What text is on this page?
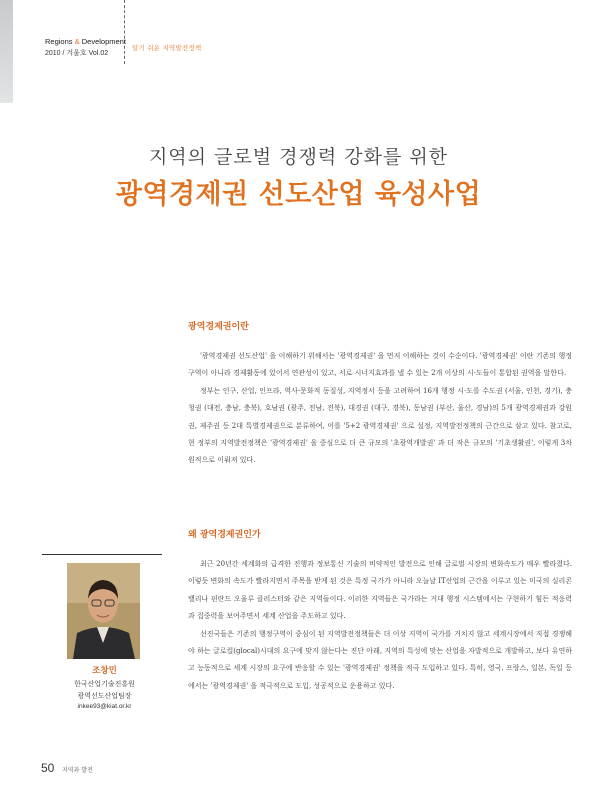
Regions & Development
2010 / 겨울호 Vol.02
알기 쉬운 지역발전정책
지역의 글로벌 경쟁력 강화를 위한
광역경제권 선도산업 육성사업
광역경제권이란

'광역경제권 선도산업' 을 이해하기 위해서는 '광역경제권' 을 먼저 이해하는 것이 수순이다. '광역경제권' 이란 기존의 행정구역이 아니라 경제활동에 있어서 연관성이 있고, 서로 시너지효과를 낼 수 있는 2개 이상의 시·도들이 통합된 권역을 말한다.

정부는 인구, 산업, 인프라, 역사·문화적 동질성, 지역정서 등을 고려하여 16개 행정 시·도를 수도권 (서울, 인천, 경기), 충청권 (대전, 충남, 충북), 호남권 (광주, 전남, 전북), 대경권 (대구, 경북), 동남권 (부산, 울산, 경남)의 5개 광역경제권과 강원권, 제주권 등 2대 특별경제권으로 분류하여, 이를 '5+2 광역경제권' 으로 설정, 지역발전정책의 근간으로 삼고 있다. 참고로, 현 정부의 지역발전정책은 '광역경제권' 을 중심으로 더 큰 규모의 '초광역개발권' 과 더 작은 규모의 '기초생활권', 이렇게 3차원적으로 이뤄져 있다.

왜 광역경제권인가

최근 20년간 세계화의 급격한 진행과 정보통신 기술의 비약적인 발전으로 인해 글로벌 시장의 변화속도가 매우 빨라졌다. 이렇듯 변화의 속도가 빨라지면서 주목을 받게 된 것은 특정 국가가 아니라 오늘날 IT산업의 근간을 이루고 있는 미국의 실리콘 밸리나 핀란드 오울루 클러스터와 같은 지역들이다. 이러한 지역들은 국가라는 거대 행정 시스템에서는 구현하기 힘든 적응력과 집중력을 보여주면서 세계 산업을 주도하고 있다.

선진국들은 기존의 행정구역이 중심이 된 지역발전정책들은 더 이상 지역이 국가를 거치지 않고 세계시장에서 직접 경쟁해야 하는 글로컬(glocal)시대의 요구에 맞지 않는다는 진단 아래, 지역의 특성에 맞는 산업을 자발적으로 개발하고, 보다 유연하고 능동적으로 세계 시장의 요구에 반응할 수 있는 '광역경제권' 정책을 적극 도입하고 있다. 특히, 영국, 프랑스, 일본, 독일 등에서는 '광역경제권' 을 적극적으로 도입, 성공적으로 운용하고 있다.

조창민
한국산업기술진흥원
광역선도산업팀장
inkee93@kiat.or.kr
50 지역과 발전
